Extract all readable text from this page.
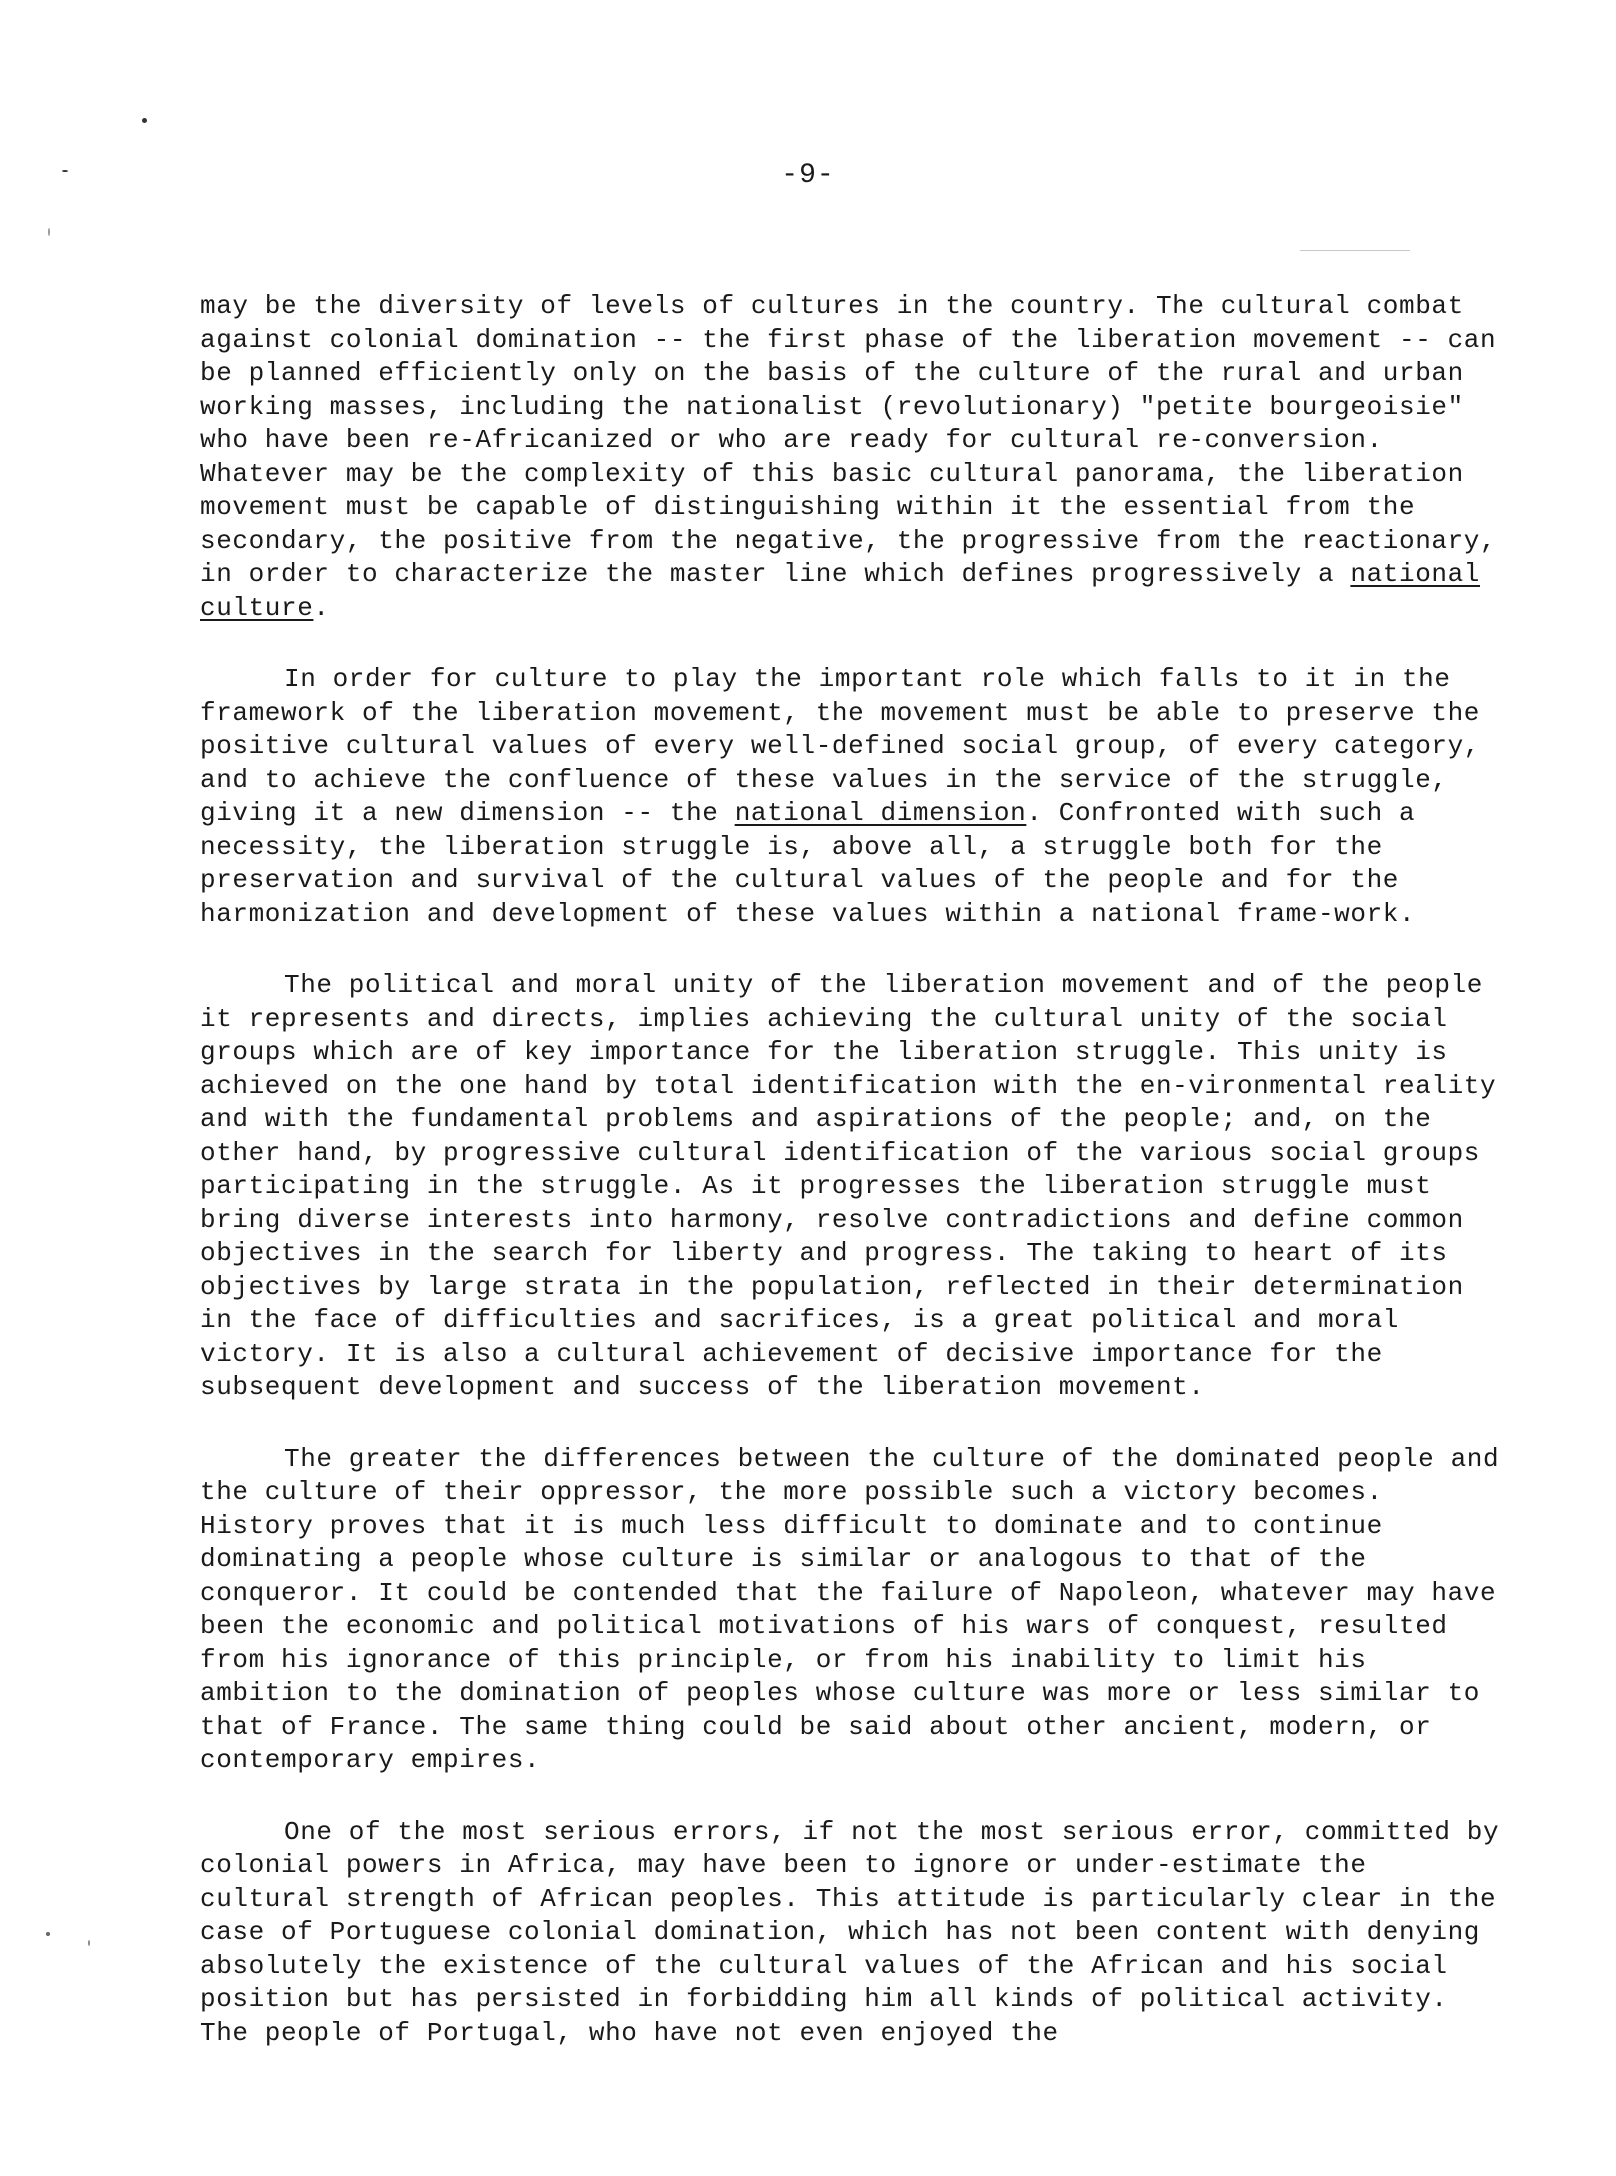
-9-

may be the diversity of levels of cultures in the country. The cultural combat against colonial domination -- the first phase of the liberation movement -- can be planned efficiently only on the basis of the culture of the rural and urban working masses, including the nationalist (revolutionary) "petite bourgeoisie" who have been re-Africanized or who are ready for cultural re-conversion. Whatever may be the complexity of this basic cultural panorama, the liberation movement must be capable of distinguishing within it the essential from the secondary, the positive from the negative, the progressive from the reactionary, in order to characterize the master line which defines progressively a national culture.

In order for culture to play the important role which falls to it in the framework of the liberation movement, the movement must be able to preserve the positive cultural values of every well-defined social group, of every category, and to achieve the confluence of these values in the service of the struggle, giving it a new dimension -- the national dimension. Confronted with such a necessity, the liberation struggle is, above all, a struggle both for the preservation and survival of the cultural values of the people and for the harmonization and development of these values within a national frame-work.

The political and moral unity of the liberation movement and of the people it represents and directs, implies achieving the cultural unity of the social groups which are of key importance for the liberation struggle. This unity is achieved on the one hand by total identification with the en-vironmental reality and with the fundamental problems and aspirations of the people; and, on the other hand, by progressive cultural identification of the various social groups participating in the struggle. As it progresses the liberation struggle must bring diverse interests into harmony, resolve contradictions and define common objectives in the search for liberty and progress. The taking to heart of its objectives by large strata in the population, reflected in their determination in the face of difficulties and sacrifices, is a great political and moral victory. It is also a cultural achievement of decisive importance for the subsequent development and success of the liberation movement.

The greater the differences between the culture of the dominated people and the culture of their oppressor, the more possible such a victory becomes. History proves that it is much less difficult to dominate and to continue dominating a people whose culture is similar or analogous to that of the conqueror. It could be contended that the failure of Napoleon, whatever may have been the economic and political motivations of his wars of conquest, resulted from his ignorance of this principle, or from his inability to limit his ambition to the domination of peoples whose culture was more or less similar to that of France. The same thing could be said about other ancient, modern, or contemporary empires.

One of the most serious errors, if not the most serious error, committed by colonial powers in Africa, may have been to ignore or under-estimate the cultural strength of African peoples. This attitude is particularly clear in the case of Portuguese colonial domination, which has not been content with denying absolutely the existence of the cultural values of the African and his social position but has persisted in forbidding him all kinds of political activity. The people of Portugal, who have not even enjoyed the
